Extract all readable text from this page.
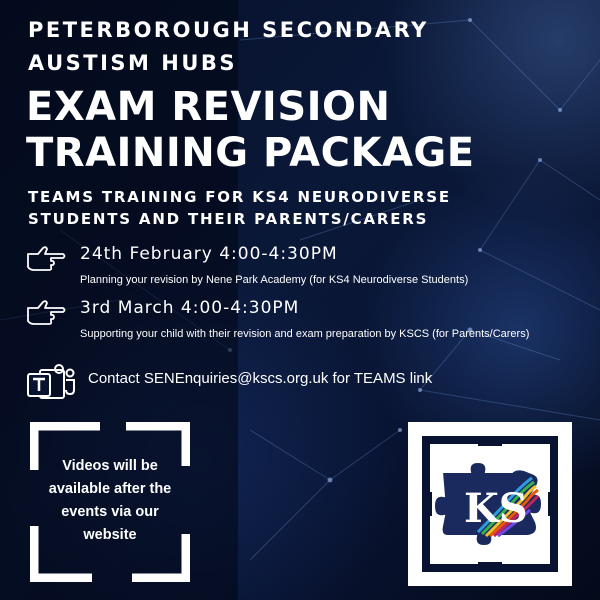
PETERBOROUGH SECONDARY
AUSTISM HUBS
EXAM REVISION
TRAINING PACKAGE
TEAMS TRAINING FOR KS4 NEURODIVERSE
STUDENTS AND THEIR PARENTS/CARERS
24th February 4:00-4:30PM
Planning your revision by Nene Park Academy (for KS4 Neurodiverse Students)
3rd March 4:00-4:30PM
Supporting your child with their revision and exam preparation by KSCS (for Parents/Carers)
Contact SENEnquiries@kscs.org.uk for TEAMS link

Videos will be
available after the
events via our
website

KS
